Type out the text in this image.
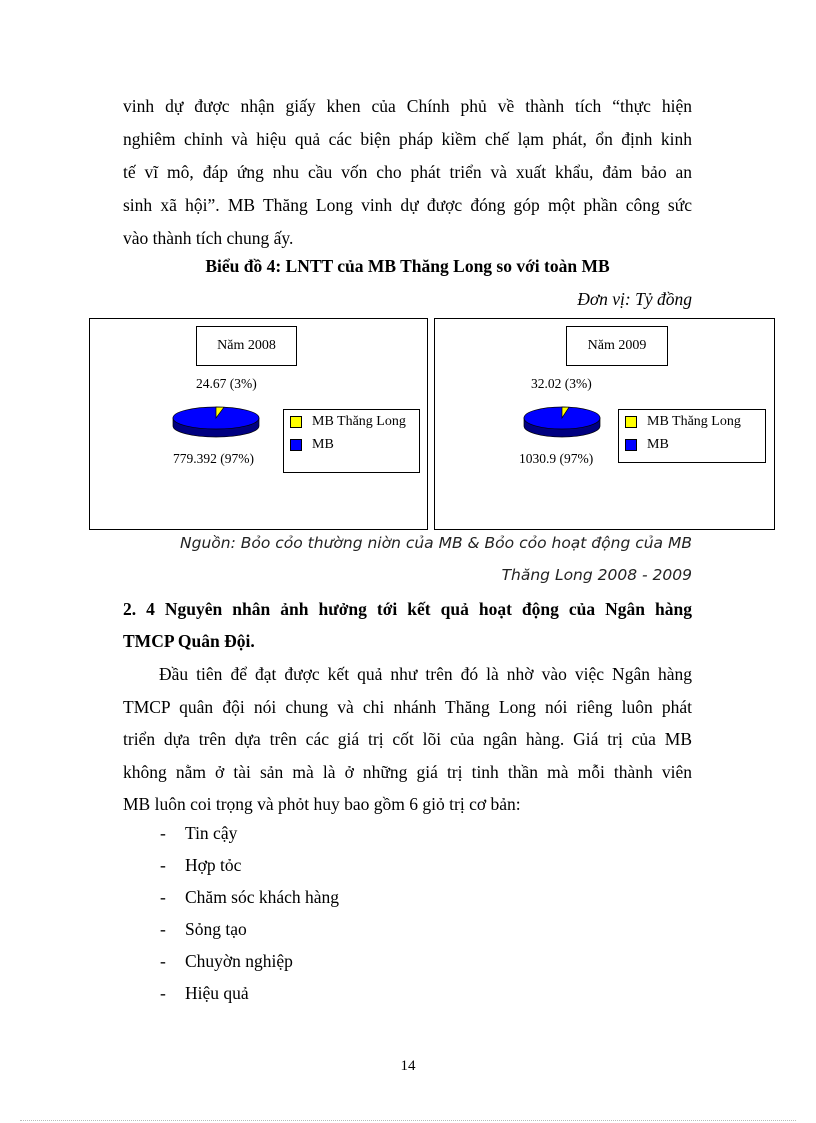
vinh dự được nhận giấy khen của Chính phủ về thành tích “thực hiện
nghiêm chỉnh và hiệu quả các biện pháp kiềm chế lạm phát, ổn định kinh
tế vĩ mô, đáp ứng nhu cầu vốn cho phát triển và xuất khẩu, đảm bảo an
sinh xã hội”. MB Thăng Long vinh dự được đóng góp một phần công sức
vào thành tích chung ấy.
Biểu đồ 4: LNTT của MB Thăng Long so với toàn MB
Đơn vị: Tỷ đồng
Năm 2008
24.67 (3%)
779.392 (97%)
MB Thăng Long
MB
Năm 2009
32.02 (3%)
1030.9 (97%)
MB Thăng Long
MB
Nguồn: Bỏo cỏo thường niờn của MB & Bỏo cỏo hoạt động của MB
Thăng Long 2008 - 2009
2. 4 Nguyên nhân ảnh hưởng tới kết quả hoạt động của Ngân hàng
TMCP Quân Đội.
Đầu tiên để đạt được kết quả như trên đó là nhờ vào việc Ngân hàng
TMCP quân đội nói chung và chi nhánh Thăng Long nói riêng luôn phát
triển dựa trên dựa trên các giá trị cốt lõi của ngân hàng. Giá trị của MB
không nằm ở tài sản mà là ở những giá trị tinh thần mà mỗi thành viên
MB luôn coi trọng và phỏt huy bao gồm 6 giỏ trị cơ bản:
- Tin cậy
- Hợp tỏc
- Chăm sóc khách hàng
- Sỏng tạo
- Chuyờn nghiệp
- Hiệu quả
14
